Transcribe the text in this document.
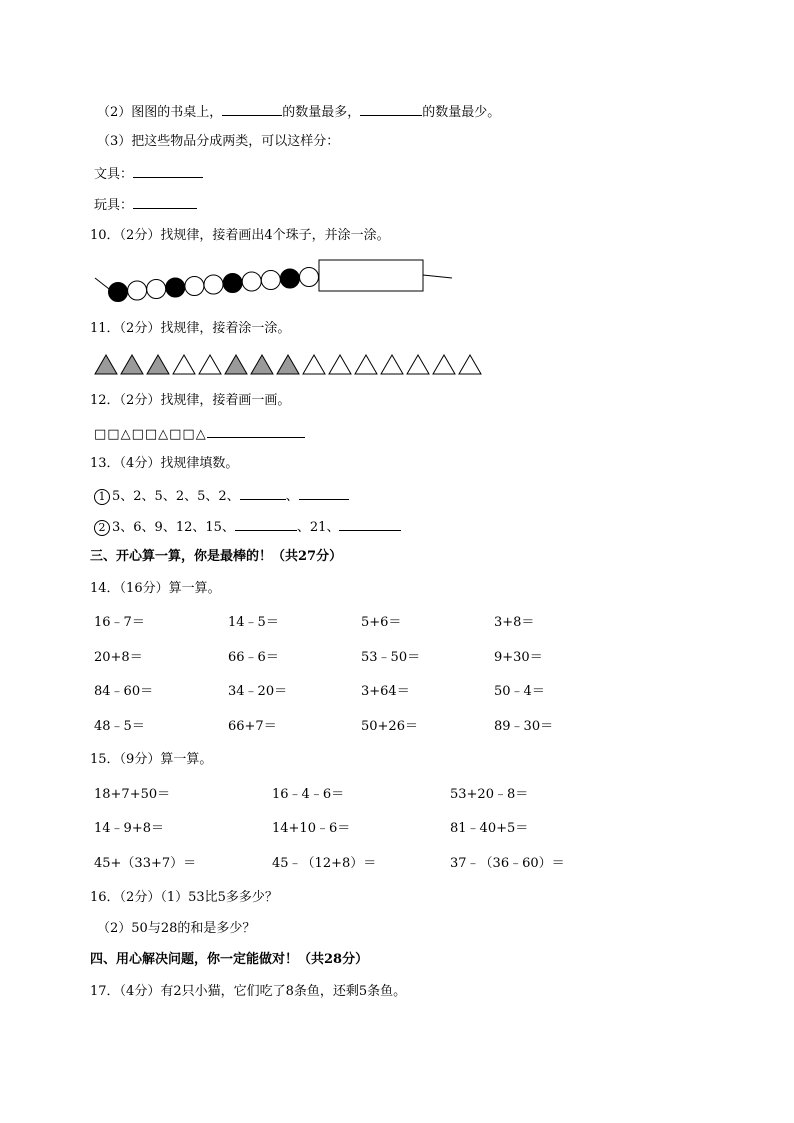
（2）图图的书桌上，	的数量最多，	的数量最少。
（3）把这些物品分成两类，可以这样分：
文具：
玩具：
10．（2分）找规律，接着画出4个珠子，并涂一涂。
11．（2分）找规律，接着涂一涂。
12．（2分）找规律，接着画一画。
□□△□□△□□△
13．（4分）找规律填数。
1 5、2、5、2、5、2、	、
2 3、6、9、12、15、	、21、
三、开心算一算，你是最棒的！（共27分）
14．（16分）算一算。
16﹣7＝	14﹣5＝	5+6＝	3+8＝
20+8＝	66﹣6＝	53﹣50＝	9+30＝
84﹣60＝	34﹣20＝	3+64＝	50﹣4＝
48﹣5＝	66+7＝	50+26＝	89﹣30＝
15．（9分）算一算。
18+7+50＝	16﹣4﹣6＝	53+20﹣8＝
14﹣9+8＝	14+10﹣6＝	81﹣40+5＝
45+（33+7）＝	45﹣（12+8）＝	37﹣（36﹣60）＝
16．（2分）（1）53比5多多少？
（2）50与28的和是多少？
四、用心解决问题，你一定能做对！（共28分）
17．（4分）有2只小猫，它们吃了8条鱼，还剩5条鱼。
